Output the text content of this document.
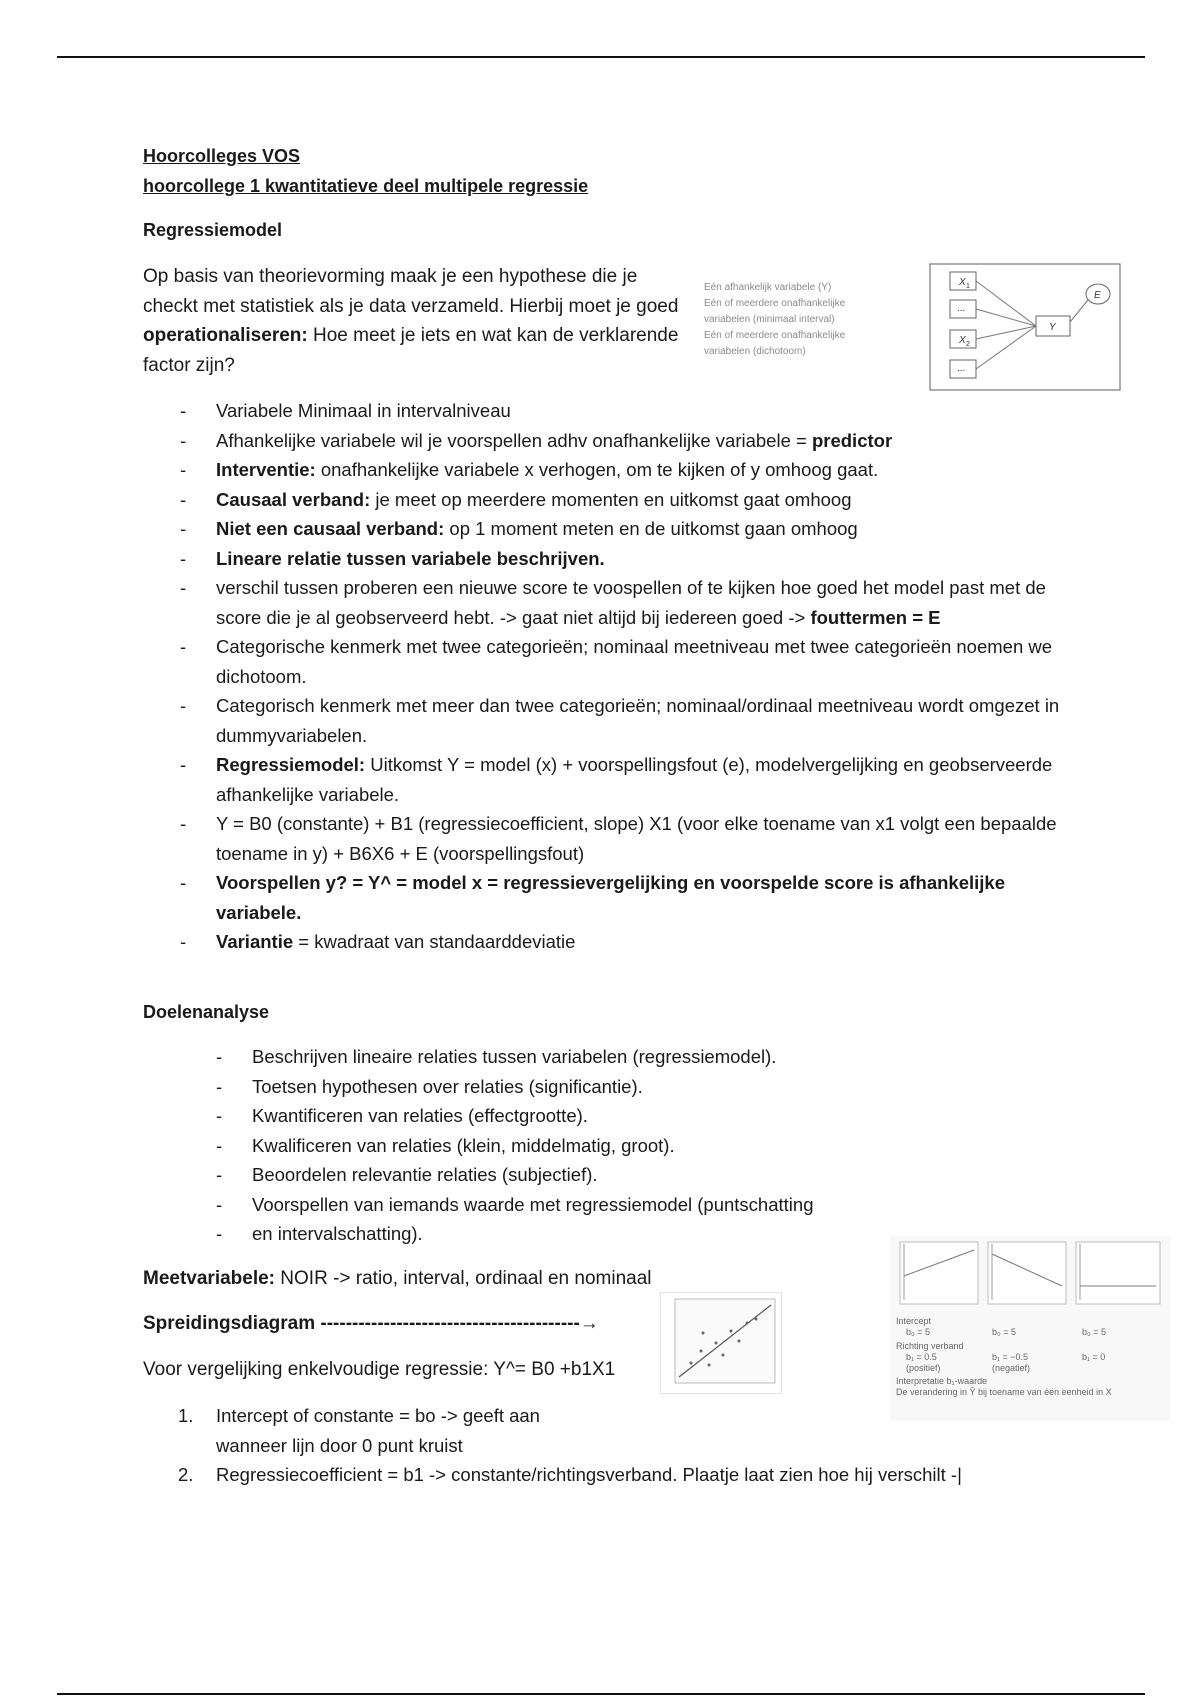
Hoorcolleges VOS
hoorcollege 1 kwantitatieve deel multipele regressie
Regressiemodel
Op basis van theorievorming maak je een hypothese die je checkt met statistiek als je data verzameld. Hierbij moet je goed operationaliseren: Hoe meet je iets en wat kan de verklarende factor zijn?
Eén afhankelijk variabele (Y)
Eén of meerdere onafhankelijke
variabelen (minimaal interval)
Eén of meerdere onafhankelijke
variabelen (dichotoom)
X 1
...
X 2
...
Y
E
- Variabele Minimaal in intervalniveau
- Afhankelijke variabele wil je voorspellen adhv onafhankelijke variabele = predictor
- Interventie: onafhankelijke variabele x verhogen, om te kijken of y omhoog gaat.
- Causaal verband: je meet op meerdere momenten en uitkomst gaat omhoog
- Niet een causaal verband: op 1 moment meten en de uitkomst gaan omhoog
- Lineare relatie tussen variabele beschrijven.
- verschil tussen proberen een nieuwe score te voospellen of te kijken hoe goed het model past met de score die je al geobserveerd hebt. -> gaat niet altijd bij iedereen goed -> fouttermen = E
- Categorische kenmerk met twee categorieën; nominaal meetniveau met twee categorieën noemen we dichotoom.
- Categorisch kenmerk met meer dan twee categorieën; nominaal/ordinaal meetniveau wordt omgezet in dummyvariabelen.
- Regressiemodel: Uitkomst Y = model (x) + voorspellingsfout (e), modelvergelijking en geobserveerde afhankelijke variabele.
- Y = B0 (constante) + B1 (regressiecoefficient, slope) X1 (voor elke toename van x1 volgt een bepaalde toename in y) + B6X6 + E (voorspellingsfout)
- Voorspellen y? = Y^ = model x = regressievergelijking en voorspelde score is afhankelijke variabele.
- Variantie = kwadraat van standaarddeviatie
Doelenanalyse
- Beschrijven lineaire relaties tussen variabelen (regressiemodel).
- Toetsen hypothesen over relaties (significantie).
- Kwantificeren van relaties (effectgrootte).
- Kwalificeren van relaties (klein, middelmatig, groot).
- Beoordelen relevantie relaties (subjectief).
- Voorspellen van iemands waarde met regressiemodel (puntschatting
- en intervalschatting).
Meetvariabele: NOIR -> ratio, interval, ordinaal en nominaal
Spreidingsdiagram -----------------------------------------→
Voor vergelijking enkelvoudige regressie: Y^= B0 +b1X1
1. Intercept of constante = bo -> geeft aan wanneer lijn door 0 punt kruist
2. Regressiecoefficient = b1 -> constante/richtingsverband. Plaatje laat zien hoe hij verschilt -|
Intercept
b₀ = 5	b₀ = 5	b₀ = 5
Richting verband
b₁ = 0.5	b₁ = −0.5	b₁ = 0
(positief)	(negatief)
Interpretatie b₁-waarde
De verandering in Ŷ bij toename van één eenheid in X
